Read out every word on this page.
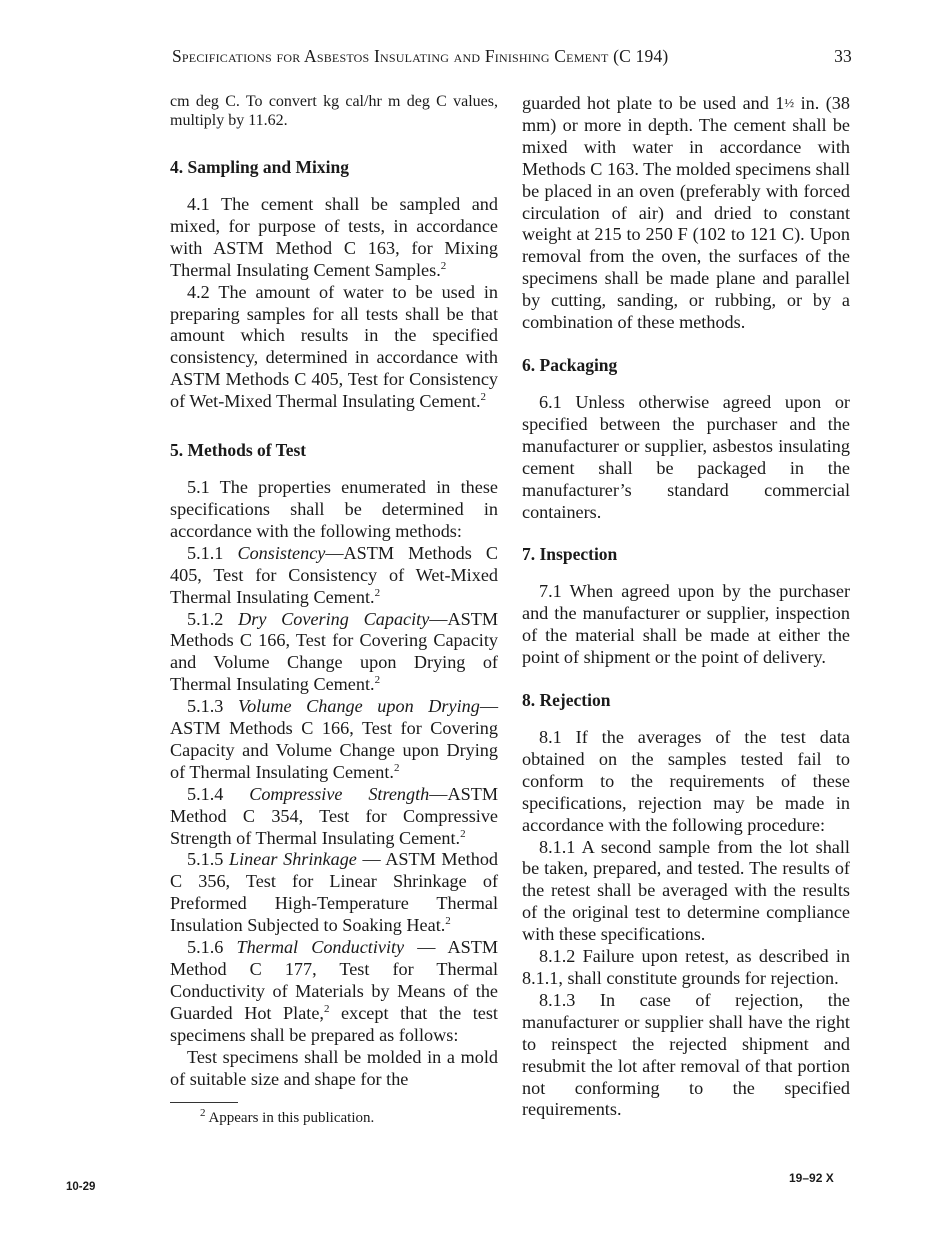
Specifications for Asbestos Insulating and Finishing Cement (C 194)	33

cm deg C. To convert kg cal/hr m deg C values, multiply by 11.62.

4. Sampling and Mixing

4.1 The cement shall be sampled and mixed, for purpose of tests, in accordance with ASTM Method C 163, for Mixing Thermal Insulating Cement Samples.$^2$

4.2 The amount of water to be used in preparing samples for all tests shall be that amount which results in the specified consistency, determined in accordance with ASTM Methods C 405, Test for Consistency of Wet-Mixed Thermal Insulating Cement.$^2$

5. Methods of Test

5.1 The properties enumerated in these specifications shall be determined in accordance with the following methods:

5.1.1 Consistency—ASTM Methods C 405, Test for Consistency of Wet-Mixed Thermal Insulating Cement.$^2$

5.1.2 Dry Covering Capacity—ASTM Methods C 166, Test for Covering Capacity and Volume Change upon Drying of Thermal Insulating Cement.$^2$

5.1.3 Volume Change upon Drying— ASTM Methods C 166, Test for Covering Capacity and Volume Change upon Drying of Thermal Insulating Cement.$^2$

5.1.4 Compressive Strength—ASTM Method C 354, Test for Compressive Strength of Thermal Insulating Cement.$^2$

5.1.5 Linear Shrinkage — ASTM Method C 356, Test for Linear Shrinkage of Preformed High-Temperature Thermal Insulation Subjected to Soaking Heat.$^2$

5.1.6 Thermal Conductivity — ASTM Method C 177, Test for Thermal Conductivity of Materials by Means of the Guarded Hot Plate,$^2$ except that the test specimens shall be prepared as follows:

Test specimens shall be molded in a mold of suitable size and shape for the

$^2$ Appears in this publication.

guarded hot plate to be used and 1½ in. (38 mm) or more in depth. The cement shall be mixed with water in accordance with Methods C 163. The molded specimens shall be placed in an oven (preferably with forced circulation of air) and dried to constant weight at 215 to 250 F (102 to 121 C). Upon removal from the oven, the surfaces of the specimens shall be made plane and parallel by cutting, sanding, or rubbing, or by a combination of these methods.

6. Packaging

6.1 Unless otherwise agreed upon or specified between the purchaser and the manufacturer or supplier, asbestos insulating cement shall be packaged in the manufacturer’s standard commercial containers.

7. Inspection

7.1 When agreed upon by the purchaser and the manufacturer or supplier, inspection of the material shall be made at either the point of shipment or the point of delivery.

8. Rejection

8.1 If the averages of the test data obtained on the samples tested fail to conform to the requirements of these specifications, rejection may be made in accordance with the following procedure:

8.1.1 A second sample from the lot shall be taken, prepared, and tested. The results of the retest shall be averaged with the results of the original test to determine compliance with these specifications.

8.1.2 Failure upon retest, as described in 8.1.1, shall constitute grounds for rejection.

8.1.3 In case of rejection, the manufacturer or supplier shall have the right to reinspect the rejected shipment and resubmit the lot after removal of that portion not conforming to the specified requirements.

10-29
19–92 X
